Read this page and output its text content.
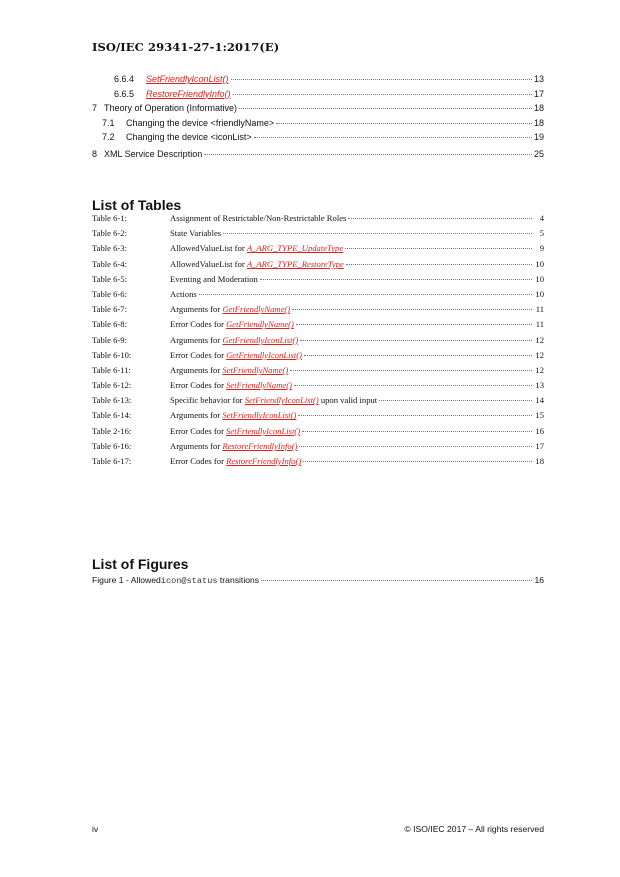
ISO/IEC 29341-27-1:2017(E)
6.6.4	SetFriendlyIconList()	13
6.6.5	RestoreFriendlyInfo()	17
7 Theory of Operation (Informative)	18
7.1	Changing the device <friendlyName>	18
7.2	Changing the device <iconList>	19
8 XML Service Description	25
List of Tables
Table 6-1:	Assignment of Restrictable/Non-Restrictable Roles	4
Table 6-2:	State Variables	5
Table 6-3:	AllowedValueList for A_ARG_TYPE_UpdateType	9
Table 6-4:	AllowedValueList for A_ARG_TYPE_RestoreType	10
Table 6-5:	Eventing and Moderation	10
Table 6-6:	Actions	10
Table 6-7:	Arguments for GetFriendlyName()	11
Table 6-8:	Error Codes for GetFriendlyName()	11
Table 6-9:	Arguments for GetFriendlyIconList()	12
Table 6-10:	Error Codes for GetFriendlyIconList()	12
Table 6-11:	Arguments for SetFriendlyName()	12
Table 6-12:	Error Codes for SetFriendlyName()	13
Table 6-13:	Specific behavior for SetFriendlyIconList() upon valid input	14
Table 6-14:	Arguments for SetFriendlyIconList()	15
Table 2-16:	Error Codes for SetFriendlyIconList()	16
Table 6-16:	Arguments for RestoreFriendlyInfo()	17
Table 6-17:	Error Codes for RestoreFriendlyInfo()	18
List of Figures
Figure 1 - Allowed icon@status transitions	16
iv	© ISO/IEC 2017 – All rights reserved
